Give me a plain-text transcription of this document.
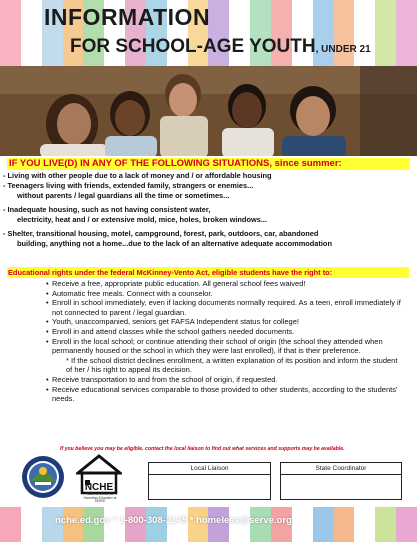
INFORMATION
FOR SCHOOL-AGE YOUTH, UNDER 21
IF YOU LIVE(D) IN ANY OF THE FOLLOWING SITUATIONS, since summer:
- Living with other people due to a lack of money and / or affordable housing
- Teenagers living with friends, extended family, strangers or enemies...
without parents / legal guardians all the time or sometimes...
- Inadequate housing, such as not having consistent water,
electricity, heat and / or extensive mold, mice, holes, broken windows...
- Shelter, transitional housing, motel, campground, forest, park, outdoors, car, abandoned
building, anything not a home...due to the lack of an alternative adequate accommodation
Educational rights under the federal McKinney-Vento Act, eligible students have the right to:
• Receive a free, appropriate public education. All general school fees waived!
• Automatic free meals. Connect with a counselor.
• Enroll in school immediately, even if lacking documents normally required. As a teen, enroll immediately if not connected to parent / legal guardian.
• Youth, unaccompanied, seniors get FAFSA Independent status for college!
• Enroll in and attend classes while the school gathers needed documents.
• Enroll in the local school; or continue attending their school of origin (the school they attended when permanently housed or the school in which they were last enrolled), if that is their preference.
* If the school district declines enrollment, a written explanation of its position and inform the student of her / his right to appeal its decision.
• Receive transportation to and from the school of origin, if requested.
• Receive educational services comparable to those provided to other students, according to the students' needs.
If you believe you may be eligible, contact the local liaison to find out what services and supports may be available.
NCHE
National Center for Homeless Education at SERVE
Local Liaison	State Coordinator
nche.ed.gov * 1-800-308-2145 * homeless@serve.org
